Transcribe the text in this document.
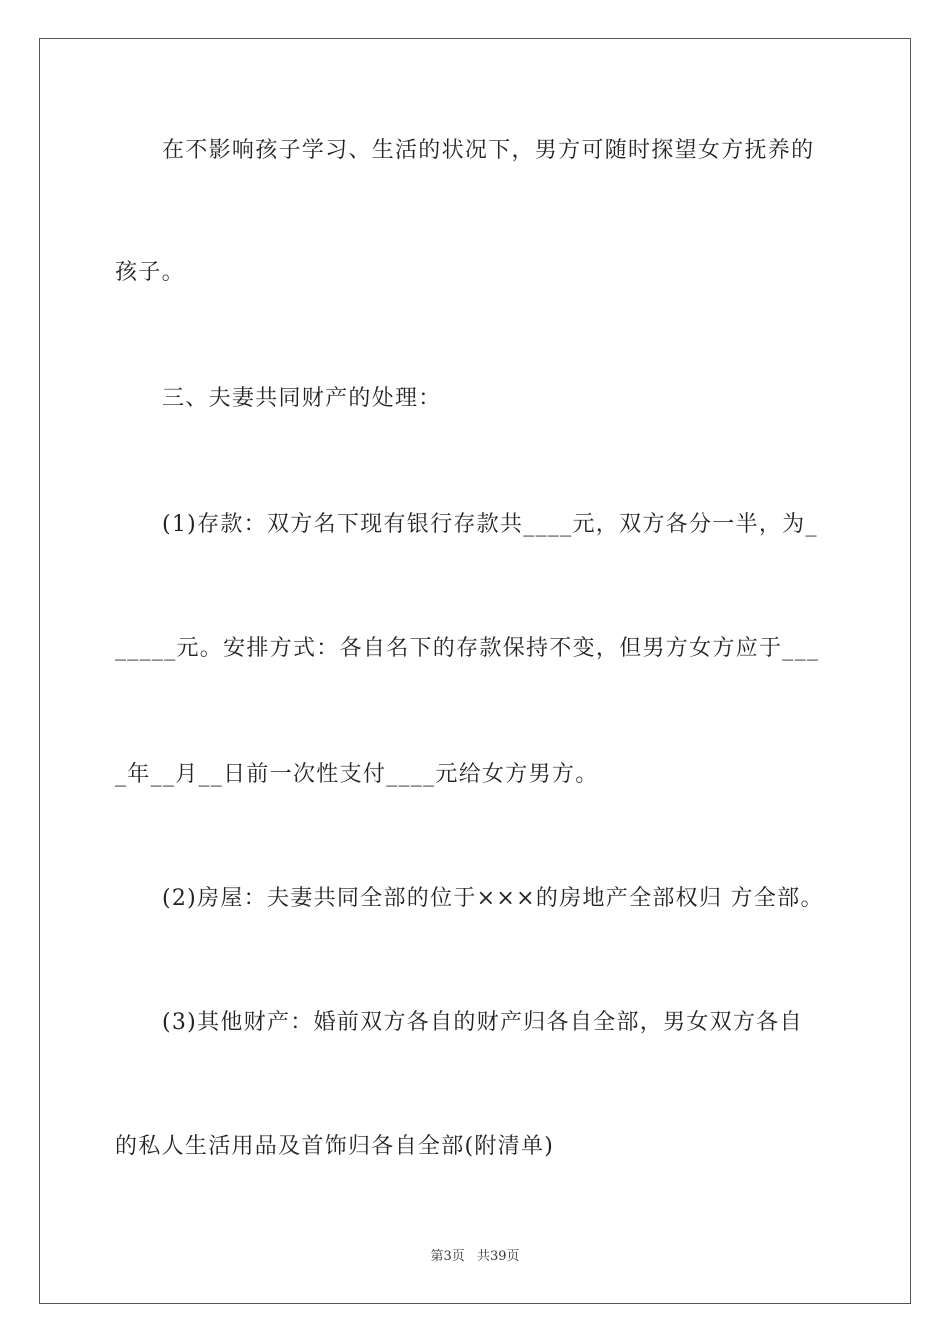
在不影响孩子学习、生活的状况下，男方可随时探望女方抚养的
孩子。
三、夫妻共同财产的处理：
(1)存款：双方名下现有银行存款共____元，双方各分一半，为_
_____元。安排方式：各自名下的存款保持不变，但男方女方应于___
_年__月__日前一次性支付____元给女方男方。
(2)房屋：夫妻共同全部的位于×××的房地产全部权归 方全部。
(3)其他财产：婚前双方各自的财产归各自全部，男女双方各自
的私人生活用品及首饰归各自全部(附清单)
第3页 共39页
